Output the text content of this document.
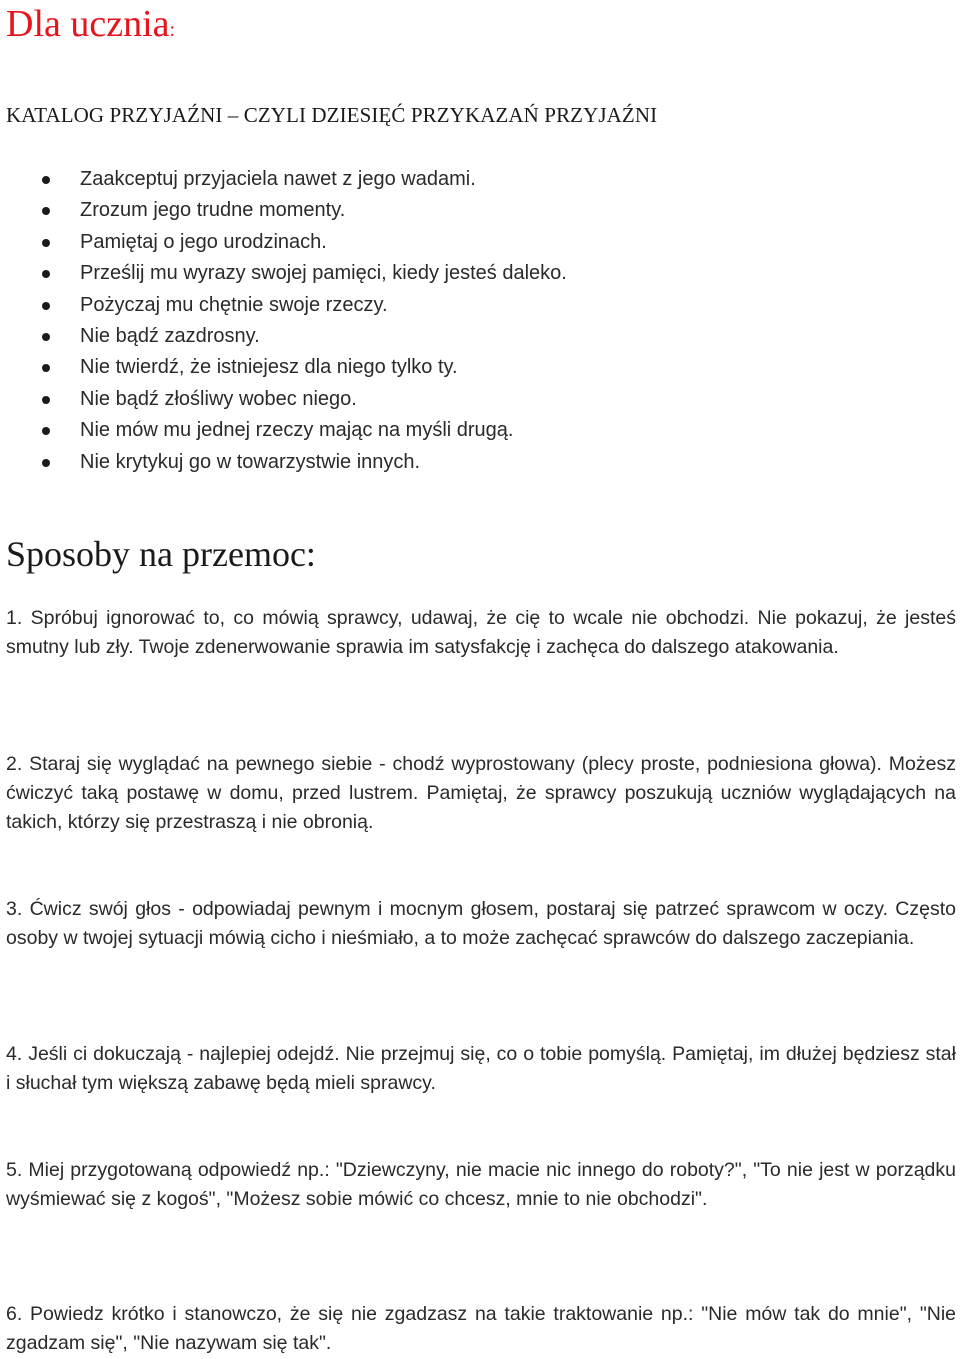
Dla ucznia:
KATALOG PRZYJAŹNI – CZYLI DZIESIĘĆ PRZYKAZAŃ PRZYJAŹNI
Zaakceptuj przyjaciela nawet z jego wadami.
Zrozum jego trudne momenty.
Pamiętaj o jego urodzinach.
Prześlij mu wyrazy swojej pamięci, kiedy jesteś daleko.
Pożyczaj mu chętnie swoje rzeczy.
Nie bądź zazdrosny.
Nie twierdź, że istniejesz dla niego tylko ty.
Nie bądź złośliwy wobec niego.
Nie mów mu jednej rzeczy mając na myśli drugą.
Nie krytykuj go w towarzystwie innych.
Sposoby na przemoc:

1. Spróbuj ignorować to, co mówią sprawcy, udawaj, że cię to wcale nie obchodzi. Nie pokazuj, że jesteś smutny lub zły. Twoje zdenerwowanie sprawia im satysfakcję i zachęca do dalszego atakowania.

2. Staraj się wyglądać na pewnego siebie - chodź wyprostowany (plecy proste, podniesiona głowa). Możesz ćwiczyć taką postawę w domu, przed lustrem. Pamiętaj, że sprawcy poszukują uczniów wyglądających na takich, którzy się przestraszą i nie obronią.

3. Ćwicz swój głos - odpowiadaj pewnym i mocnym głosem, postaraj się patrzeć sprawcom w oczy. Często osoby w twojej sytuacji mówią cicho i nieśmiało, a to może zachęcać sprawców do dalszego zaczepiania.

4. Jeśli ci dokuczają - najlepiej odejdź. Nie przejmuj się, co o tobie pomyślą. Pamiętaj, im dłużej będziesz stał i słuchał tym większą zabawę będą mieli sprawcy.

5. Miej przygotowaną odpowiedź np.: "Dziewczyny, nie macie nic innego do roboty?", "To nie jest w porządku wyśmiewać się z kogoś", "Możesz sobie mówić co chcesz, mnie to nie obchodzi".

6. Powiedz krótko i stanowczo, że się nie zgadzasz na takie traktowanie np.: "Nie mów tak do mnie", "Nie zgadzam się", "Nie nazywam się tak".
